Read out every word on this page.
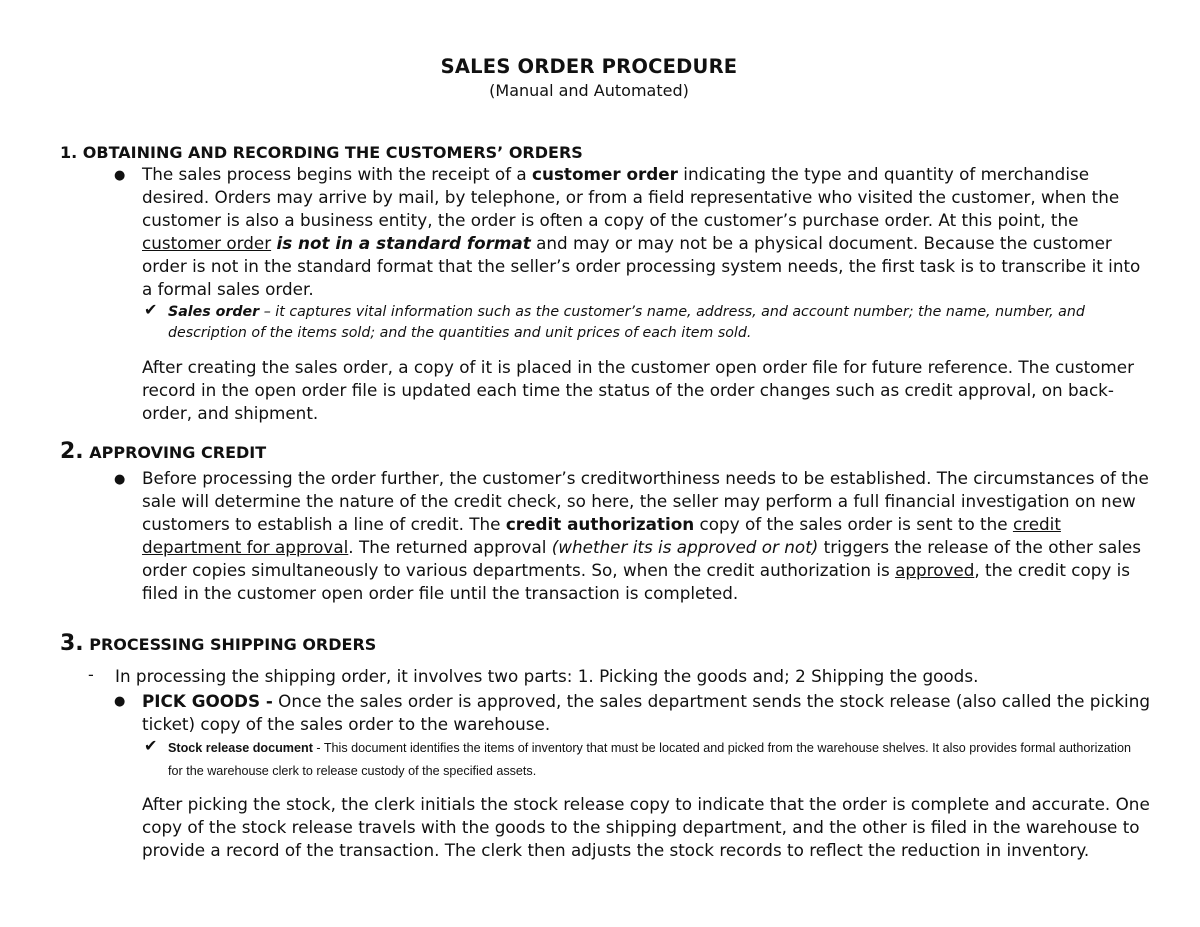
SALES ORDER PROCEDURE
(Manual and Automated)
1. OBTAINING AND RECORDING THE CUSTOMERS’ ORDERS
● The sales process begins with the receipt of a customer order indicating the type and quantity of merchandise desired. Orders may arrive by mail, by telephone, or from a field representative who visited the customer, when the customer is also a business entity, the order is often a copy of the customer’s purchase order. At this point, the customer order is not in a standard format and may or may not be a physical document. Because the customer order is not in the standard format that the seller’s order processing system needs, the first task is to transcribe it into a formal sales order.
✔ Sales order – it captures vital information such as the customer’s name, address, and account number; the name, number, and description of the items sold; and the quantities and unit prices of each item sold.
After creating the sales order, a copy of it is placed in the customer open order file for future reference. The customer record in the open order file is updated each time the status of the order changes such as credit approval, on back-order, and shipment.
2. APPROVING CREDIT
● Before processing the order further, the customer’s creditworthiness needs to be established. The circumstances of the sale will determine the nature of the credit check, so here, the seller may perform a full financial investigation on new customers to establish a line of credit. The credit authorization copy of the sales order is sent to the credit department for approval. The returned approval (whether its is approved or not) triggers the release of the other sales order copies simultaneously to various departments. So, when the credit authorization is approved, the credit copy is filed in the customer open order file until the transaction is completed.
3. PROCESSING SHIPPING ORDERS
- In processing the shipping order, it involves two parts: 1. Picking the goods and; 2 Shipping the goods.
● PICK GOODS - Once the sales order is approved, the sales department sends the stock release (also called the picking ticket) copy of the sales order to the warehouse.
✔ Stock release document - This document identifies the items of inventory that must be located and picked from the warehouse shelves. It also provides formal authorization for the warehouse clerk to release custody of the specified assets.
After picking the stock, the clerk initials the stock release copy to indicate that the order is complete and accurate. One copy of the stock release travels with the goods to the shipping department, and the other is filed in the warehouse to provide a record of the transaction. The clerk then adjusts the stock records to reflect the reduction in inventory.
